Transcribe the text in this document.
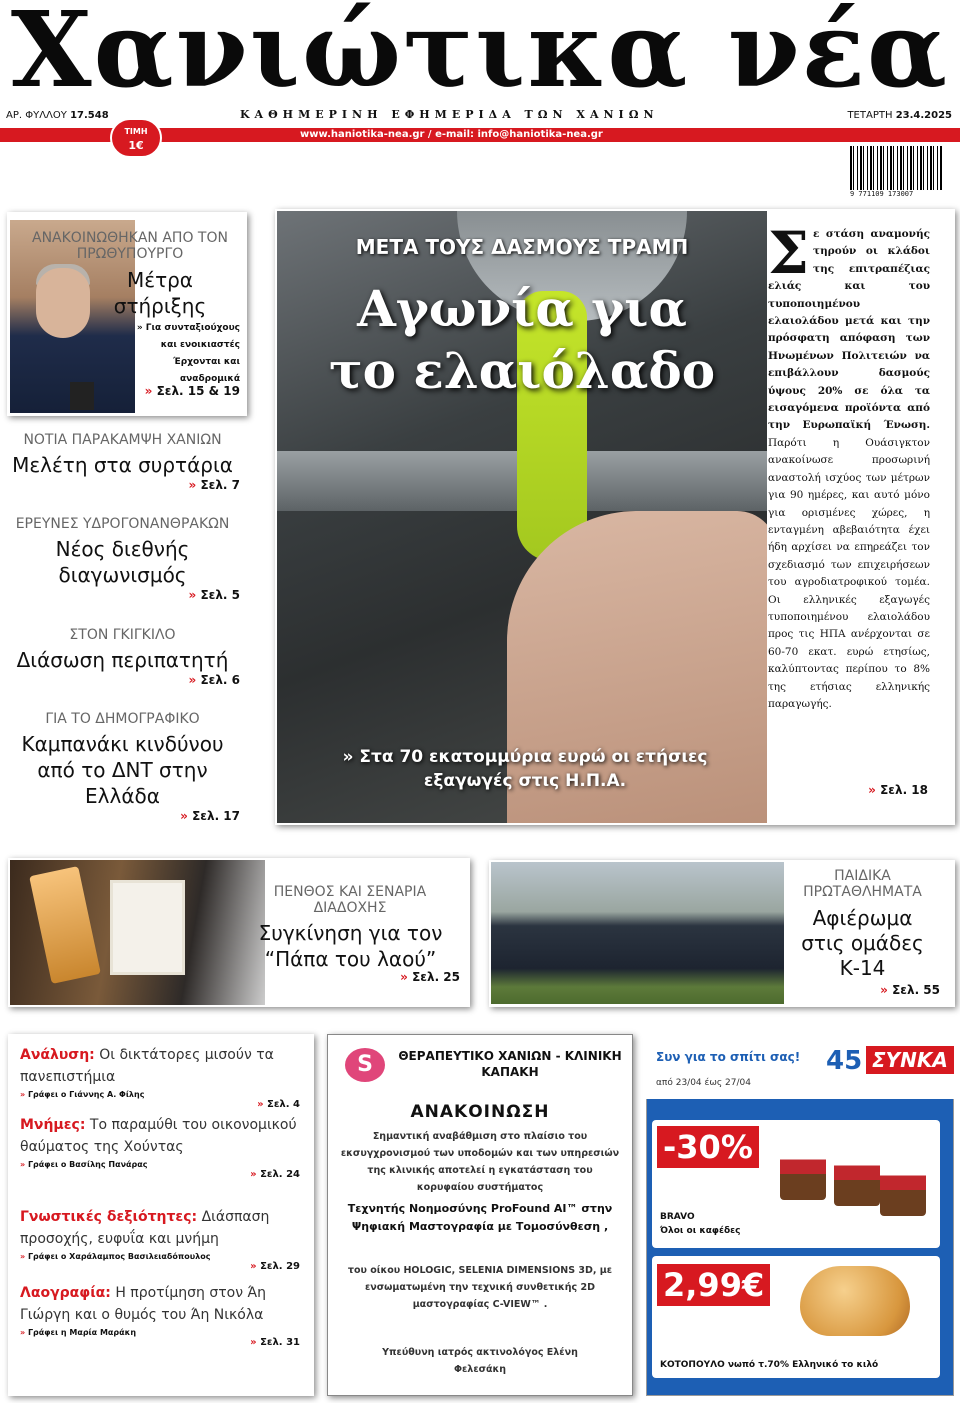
Χανιώτικα νέα
ΑΡ. ΦΥΛΛΟΥ 17.548	ΚΑΘΗΜΕΡΙΝΗ ΕΦΗΜΕΡΙΔΑ ΤΩΝ ΧΑΝΙΩΝ	ΤΕΤΑΡΤΗ 23.4.2025
www.haniotika-nea.gr / e-mail: info@haniotika-nea.gr
ΤΙΜΗ
1€
9 771109 173007
ΑΝΑΚΟΙΝΩΘΗΚΑΝ ΑΠΟ ΤΟΝ ΠΡΩΘΥΠΟΥΡΓΟ
Μέτρα στήριξης
» Για συνταξιούχους και ενοικιαστές
Έρχονται και αναδρομικά
» Σελ. 15 & 19
ΝΟΤΙΑ ΠΑΡΑΚΑΜΨΗ ΧΑΝΙΩΝ
Μελέτη στα συρτάρια
» Σελ. 7
ΕΡΕΥΝΕΣ ΥΔΡΟΓΟΝΑΝΘΡΑΚΩΝ
Νέος διεθνής διαγωνισμός
» Σελ. 5
ΣΤΟΝ ΓΚΙΓΚΙΛΟ
Διάσωση περιπατητή
» Σελ. 6
ΓΙΑ ΤΟ ΔΗΜΟΓΡΑΦΙΚΟ
Καμπανάκι κινδύνου από το ΔΝΤ στην Ελλάδα
» Σελ. 17
ΜΕΤΑ ΤΟΥΣ ΔΑΣΜΟΥΣ ΤΡΑΜΠ
Αγωνία για
το ελαιόλαδο
» Στα 70 εκατομμύρια ευρώ οι ετήσιες εξαγωγές στις Η.Π.Α.
Σε στάση αναμονής τηρούν οι κλάδοι της επιτραπέζιας ελιάς και του τυποποιημένου ελαιολάδου μετά και την πρόσφατη απόφαση των Ηνωμένων Πολιτειών να επιβάλλουν δασμούς ύψους 20% σε όλα τα εισαγόμενα προϊόντα από την Ευρωπαϊκή Ένωση. Παρότι η Ουάσιγκτον ανακοίνωσε προσωρινή αναστολή ισχύος των μέτρων για 90 ημέρες, και αυτό μόνο για ορισμένες χώρες, η ενταγμένη αβεβαιότητα έχει ήδη αρχίσει να επηρεάζει τον σχεδιασμό των επιχειρήσεων του αγροδιατροφικού τομέα. Οι ελληνικές εξαγωγές τυποποιημένου ελαιολάδου προς τις ΗΠΑ ανέρχονται σε 60-70 εκατ. ευρώ ετησίως, καλύπτοντας περίπου το 8% της ετήσιας ελληνικής παραγωγής.
» Σελ. 18
ΠΕΝΘΟΣ ΚΑΙ ΣΕΝΑΡΙΑ ΔΙΑΔΟΧΗΣ
Συγκίνηση για τον “Πάπα του λαού”
» Σελ. 25
ΠΑΙΔΙΚΑ ΠΡΩΤΑΘΛΗΜΑΤΑ
Αφιέρωμα στις ομάδες Κ-14
» Σελ. 55
Ανάλυση: Οι δικτάτορες μισούν τα πανεπιστήμια
» Γράφει ο Γιάννης Α. Φίλης
» Σελ. 4
Μνήμες: Το παραμύθι του οικονομικού θαύματος της Χούντας
» Γράφει ο Βασίλης Πανάρας
» Σελ. 24
Γνωστικές δεξιότητες: Διάσπαση προσοχής, ευφυΐα και μνήμη
» Γράφει ο Χαράλαμπος Βασιλειαδόπουλος
» Σελ. 29
Λαογραφία: Η προτίμηση στον Άη Γιώργη και ο θυμός του Άη Νικόλα
» Γράφει η Μαρία Μαράκη
» Σελ. 31
S	ΘΕΡΑΠΕΥΤΙΚΟ ΧΑΝΙΩΝ - ΚΛΙΝΙΚΗ ΚΑΠΑΚΗ
ΑΝΑΚΟΙΝΩΣΗ
Σημαντική αναβάθμιση στο πλαίσιο του εκσυγχρονισμού των υποδομών και των υπηρεσιών της κλινικής αποτελεί η εγκατάσταση του κορυφαίου συστήματος
Τεχνητής Νοημοσύνης ProFound AI™ στην Ψηφιακή Μαστογραφία με Τομοσύνθεση ,
του οίκου HOLOGIC, SELENIA DIMENSIONS 3D, με ενσωματωμένη την τεχνική συνθετικής 2D μαστογραφίας C-VIEW™ .
Υπεύθυνη ιατρός ακτινολόγος Ελένη Φελεσάκη
Συν για το σπίτι σας!
από 23/04 έως 27/04
45 ΣΥΝΚΑ
-30%
BRAVO
Όλοι οι καφέδες
2,99€
ΚΟΤΟΠΟΥΛΟ νωπό τ.70% Ελληνικό το κιλό
